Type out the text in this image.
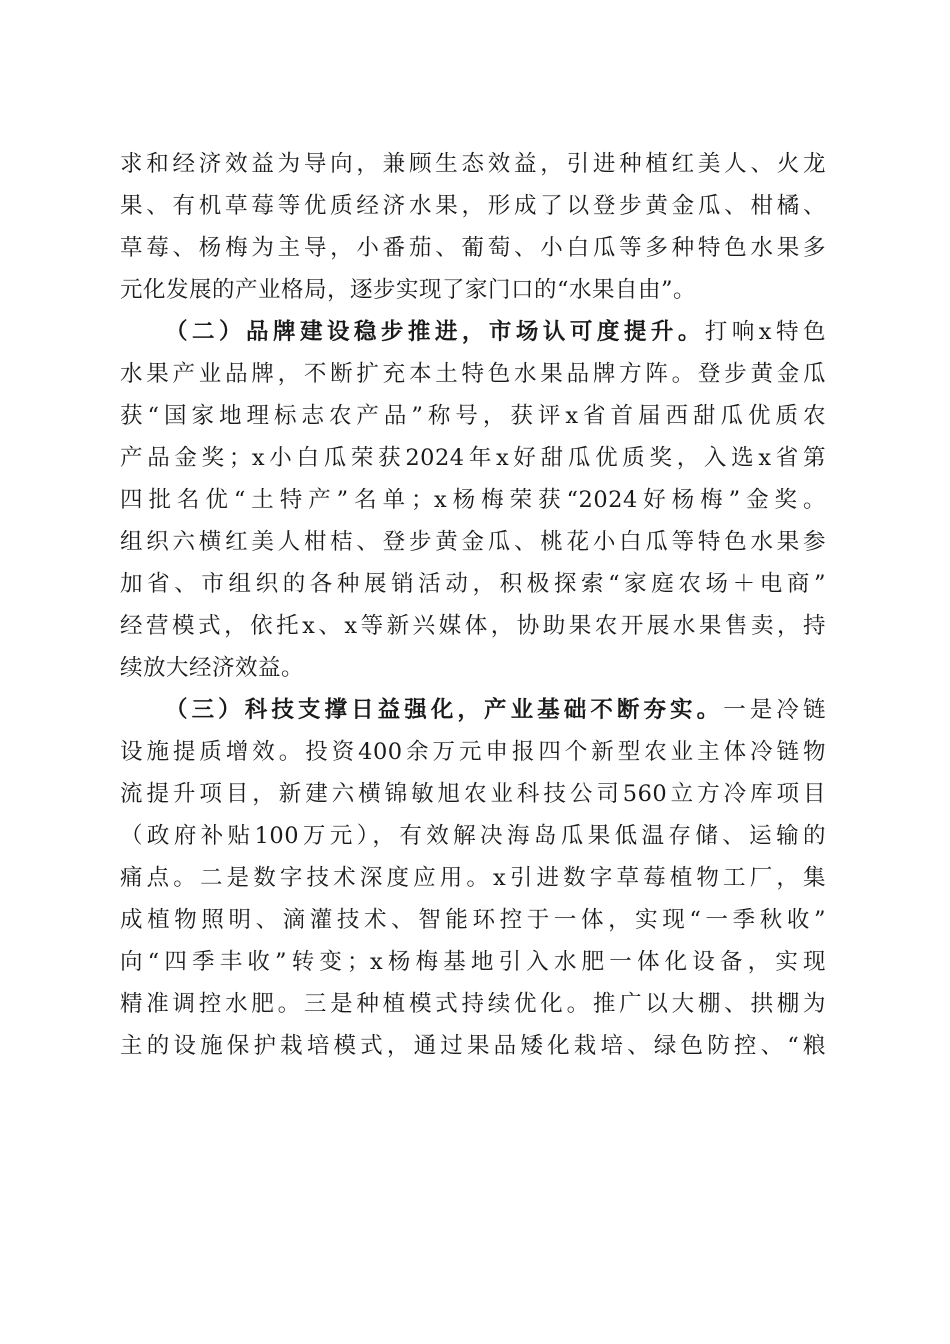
求和经济效益为导向，兼顾生态效益，引进种植红美人、火龙
果、有机草莓等优质经济水果，形成了以登步黄金瓜、柑橘、
草莓、杨梅为主导，小番茄、葡萄、小白瓜等多种特色水果多
元化发展的产业格局，逐步实现了家门口的“水果自由”。
（二）品牌建设稳步推进，市场认可度提升。打响x特色
水果产业品牌，不断扩充本土特色水果品牌方阵。登步黄金瓜
获“国家地理标志农产品”称号，获评x省首届西甜瓜优质农
产品金奖；x小白瓜荣获2024年x好甜瓜优质奖，入选x省第
四批名优“土特产”名单；x杨梅荣获“2024好杨梅”金奖。
组织六横红美人柑桔、登步黄金瓜、桃花小白瓜等特色水果参
加省、市组织的各种展销活动，积极探索“家庭农场＋电商”
经营模式，依托x、x等新兴媒体，协助果农开展水果售卖，持
续放大经济效益。
（三）科技支撑日益强化，产业基础不断夯实。一是冷链
设施提质增效。投资400余万元申报四个新型农业主体冷链物
流提升项目，新建六横锦敏旭农业科技公司560立方冷库项目
（政府补贴100万元），有效解决海岛瓜果低温存储、运输的
痛点。二是数字技术深度应用。x引进数字草莓植物工厂，集
成植物照明、滴灌技术、智能环控于一体，实现“一季秋收”
向“四季丰收”转变；x杨梅基地引入水肥一体化设备，实现
精准调控水肥。三是种植模式持续优化。推广以大棚、拱棚为
主的设施保护栽培模式，通过果品矮化栽培、绿色防控、“粮
